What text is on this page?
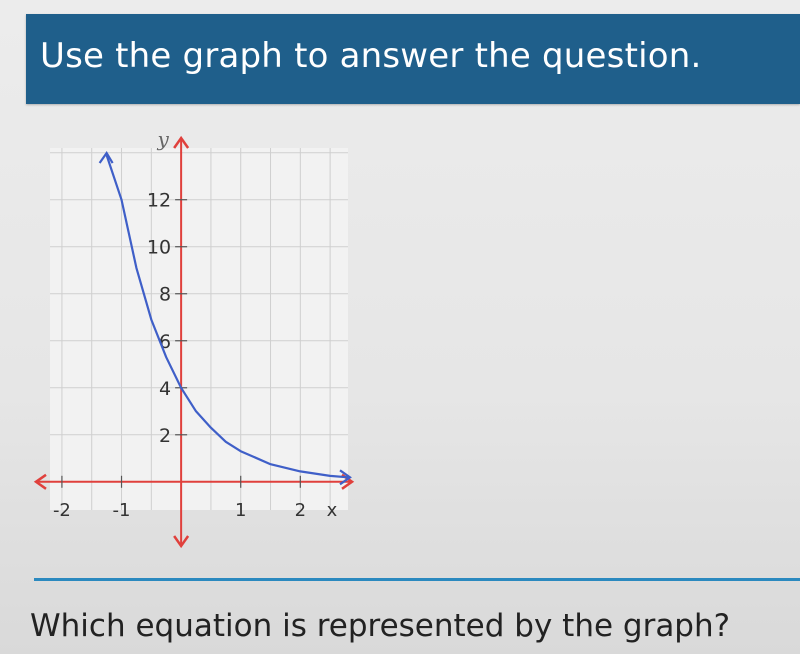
Use the graph to answer the question.
-2 -1	1	2 x
2
4
6
8
10
12
y
Which equation is represented by the graph?
